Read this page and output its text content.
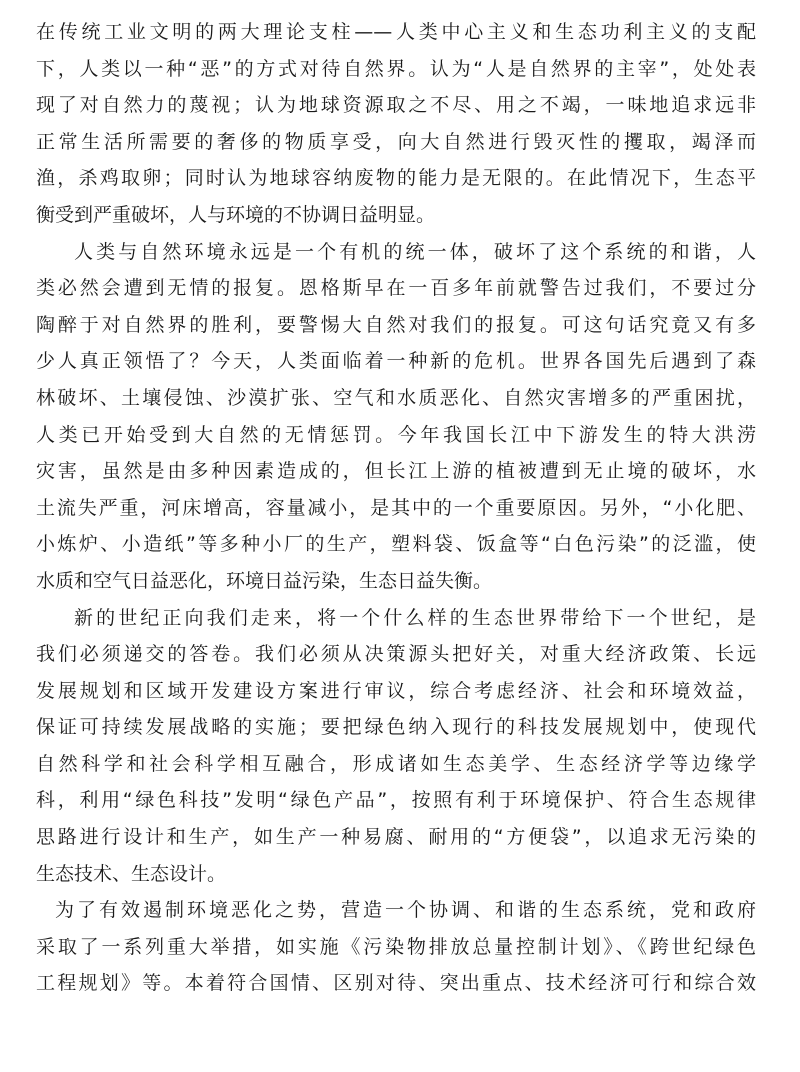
在传统工业文明的两大理论支柱——人类中心主义和生态功利主义的支配
下，人类以一种“恶”的方式对待自然界。认为“人是自然界的主宰”，处处表
现了对自然力的蔑视；认为地球资源取之不尽、用之不竭，一味地追求远非
正常生活所需要的奢侈的物质享受，向大自然进行毁灭性的攫取，竭泽而
渔，杀鸡取卵；同时认为地球容纳废物的能力是无限的。在此情况下，生态平
衡受到严重破坏，人与环境的不协调日益明显。
人类与自然环境永远是一个有机的统一体，破坏了这个系统的和谐，人
类必然会遭到无情的报复。恩格斯早在一百多年前就警告过我们，不要过分
陶醉于对自然界的胜利，要警惕大自然对我们的报复。可这句话究竟又有多
少人真正领悟了？今天，人类面临着一种新的危机。世界各国先后遇到了森
林破坏、土壤侵蚀、沙漠扩张、空气和水质恶化、自然灾害增多的严重困扰，
人类已开始受到大自然的无情惩罚。今年我国长江中下游发生的特大洪涝
灾害，虽然是由多种因素造成的，但长江上游的植被遭到无止境的破坏，水
土流失严重，河床增高，容量减小，是其中的一个重要原因。另外，“小化肥、
小炼炉、小造纸”等多种小厂的生产，塑料袋、饭盒等“白色污染”的泛滥，使
水质和空气日益恶化，环境日益污染，生态日益失衡。
新的世纪正向我们走来，将一个什么样的生态世界带给下一个世纪，是
我们必须递交的答卷。我们必须从决策源头把好关，对重大经济政策、长远
发展规划和区域开发建设方案进行审议，综合考虑经济、社会和环境效益，
保证可持续发展战略的实施；要把绿色纳入现行的科技发展规划中，使现代
自然科学和社会科学相互融合，形成诸如生态美学、生态经济学等边缘学
科，利用“绿色科技”发明“绿色产品”，按照有利于环境保护、符合生态规律
思路进行设计和生产，如生产一种易腐、耐用的“方便袋”，以追求无污染的
生态技术、生态设计。
为了有效遏制环境恶化之势，营造一个协调、和谐的生态系统，党和政府
采取了一系列重大举措，如实施《污染物排放总量控制计划》、《跨世纪绿色
工程规划》等。本着符合国情、区别对待、突出重点、技术经济可行和综合效
